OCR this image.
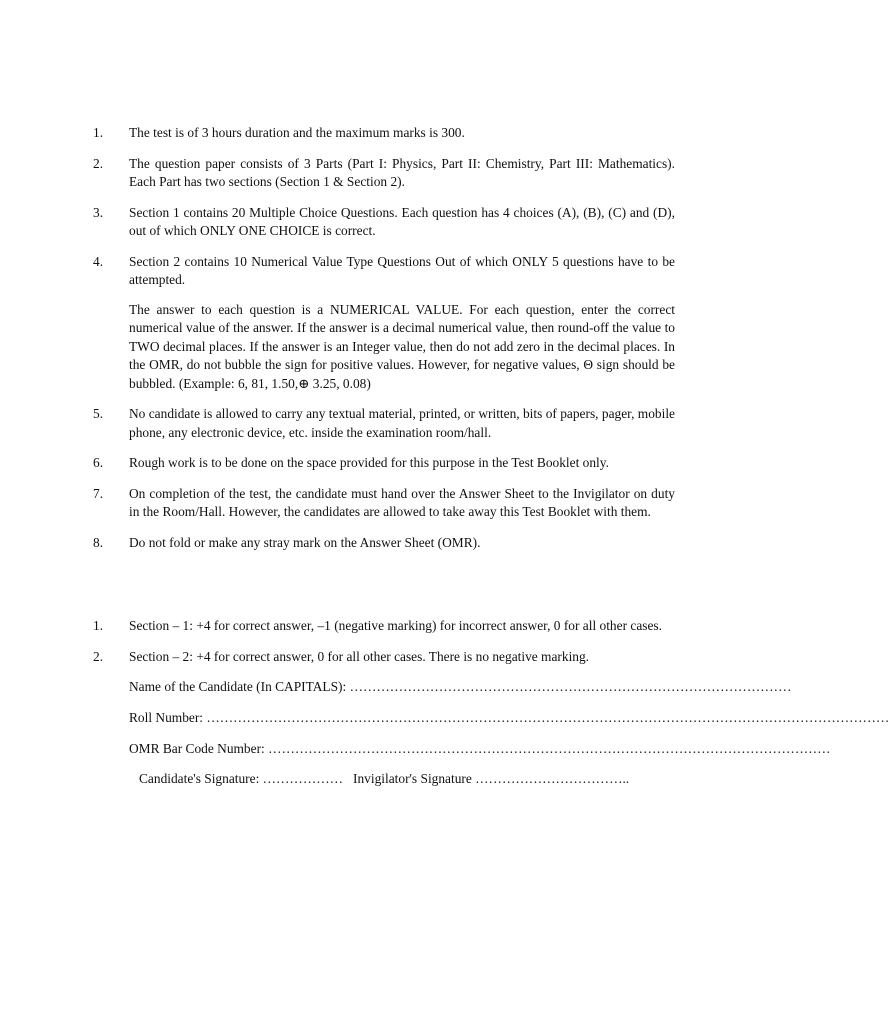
1.	The test is of 3 hours duration and the maximum marks is 300.
2.	The question paper consists of 3 Parts (Part I: Physics, Part II: Chemistry, Part III: Mathematics). Each Part has two sections (Section 1 & Section 2).
3.	Section 1 contains 20 Multiple Choice Questions. Each question has 4 choices (A), (B), (C) and (D), out of which ONLY ONE CHOICE is correct.
4.	Section 2 contains 10 Numerical Value Type Questions Out of which ONLY 5 questions have to be attempted.
The answer to each question is a NUMERICAL VALUE. For each question, enter the correct numerical value of the answer. If the answer is a decimal numerical value, then round-off the value to TWO decimal places. If the answer is an Integer value, then do not add zero in the decimal places. In the OMR, do not bubble the sign for positive values. However, for negative values, Θ sign should be bubbled. (Example: 6, 81, 1.50,⊕ 3.25, 0.08)
5.	No candidate is allowed to carry any textual material, printed, or written, bits of papers, pager, mobile phone, any electronic device, etc. inside the examination room/hall.
6.	Rough work is to be done on the space provided for this purpose in the Test Booklet only.
7.	On completion of the test, the candidate must hand over the Answer Sheet to the Invigilator on duty in the Room/Hall. However, the candidates are allowed to take away this Test Booklet with them.
8.	Do not fold or make any stray mark on the Answer Sheet (OMR).
1.	Section – 1: +4 for correct answer, –1 (negative marking) for incorrect answer, 0 for all other cases.
2.	Section – 2: +4 for correct answer, 0 for all other cases. There is no negative marking.
Name of the Candidate (In CAPITALS): ………………………………………………………………………………………
Roll Number: ………………………………………………………………………………………………………………………………………
OMR Bar Code Number: ………………………………………………………………………………………………………………
Candidate's Signature: ……………… Invigilator's Signature ……………………………..
